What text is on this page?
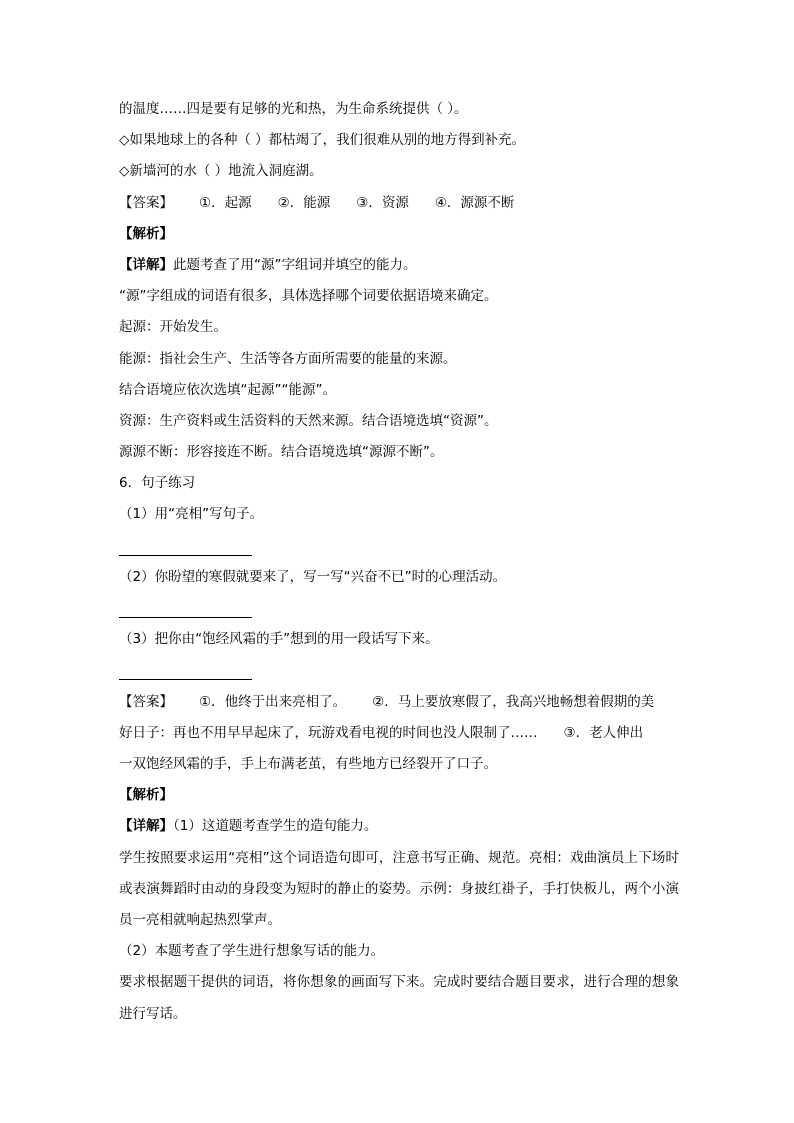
的温度……四是要有足够的光和热，为生命系统提供（ ）。
◇如果地球上的各种（ ）都枯竭了，我们很难从别的地方得到补充。
◇新墙河的水（ ）地流入洞庭湖。
【答案】 ①．起源 ②．能源 ③．资源 ④．源源不断
【解析】
【详解】此题考查了用“源”字组词并填空的能力。
“源”字组成的词语有很多，具体选择哪个词要依据语境来确定。
起源：开始发生。
能源：指社会生产、生活等各方面所需要的能量的来源。
结合语境应依次选填“起源”“能源”。
资源：生产资料或生活资料的天然来源。结合语境选填“资源”。
源源不断：形容接连不断。结合语境选填“源源不断”。
6．句子练习
（1）用“亮相”写句子。
（2）你盼望的寒假就要来了，写一写“兴奋不已”时的心理活动。
（3）把你由“饱经风霜的手”想到的用一段话写下来。
【答案】 ①．他终于出来亮相了。 ②．马上要放寒假了，我高兴地畅想着假期的美
好日子：再也不用早早起床了，玩游戏看电视的时间也没人限制了…… ③．老人伸出
一双饱经风霜的手，手上布满老茧，有些地方已经裂开了口子。
【解析】
【详解】（1）这道题考查学生的造句能力。
学生按照要求运用“亮相”这个词语造句即可，注意书写正确、规范。亮相：戏曲演员上下场时或表演舞蹈时由动的身段变为短时的静止的姿势。示例：身披红褂子，手打快板儿，两个小演员一亮相就响起热烈掌声。
（2）本题考查了学生进行想象写话的能力。
要求根据题干提供的词语，将你想象的画面写下来。完成时要结合题目要求，进行合理的想象进行写话。
